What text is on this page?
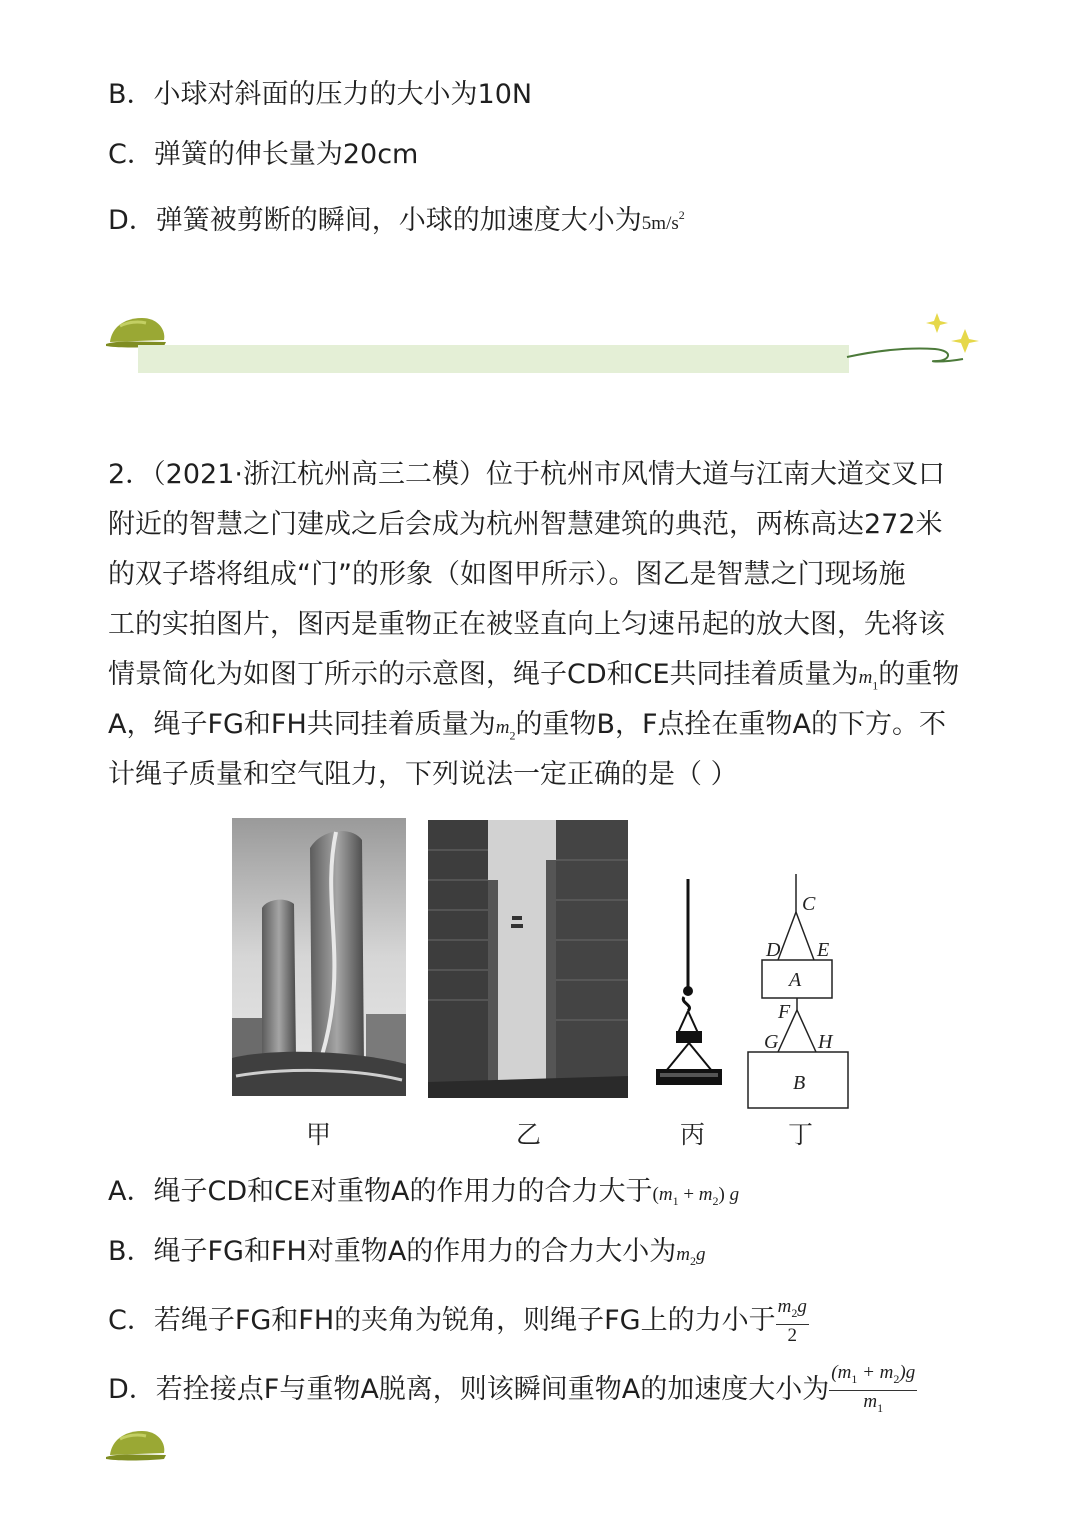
B．小球对斜面的压力的大小为10N
C．弹簧的伸长量为20cm
D．弹簧被剪断的瞬间，小球的加速度大小为$5m/s^2$
2．（2021·浙江杭州高三二模）位于杭州市风情大道与江南大道交叉口
附近的智慧之门建成之后会成为杭州智慧建筑的典范，两栋高达272米
的双子塔将组成“门”的形象（如图甲所示）。图乙是智慧之门现场施
工的实拍图片，图丙是重物正在被竖直向上匀速吊起的放大图，先将该
情景简化为如图丁所示的示意图，绳子CD和CE共同挂着质量为$m_1$的重物
A，绳子FG和FH共同挂着质量为$m_2$的重物B，F点拴在重物A的下方。不
计绳子质量和空气阻力，下列说法一定正确的是（ ）
C
D E
A
F
G H
B
甲	乙	丙	丁
A．绳子CD和CE对重物A的作用力的合力大于$(m_1 + m_2)$ g
B．绳子FG和FH对重物A的作用力的合力大小为$m_2g$
C．若绳子FG和FH的夹角为锐角，则绳子FG上的力小于 $\frac{m_2g}{2}$
D．若拴接点F与重物A脱离，则该瞬间重物A的加速度大小为 $\frac{(m_1 + m_2)g}{m_1}$
